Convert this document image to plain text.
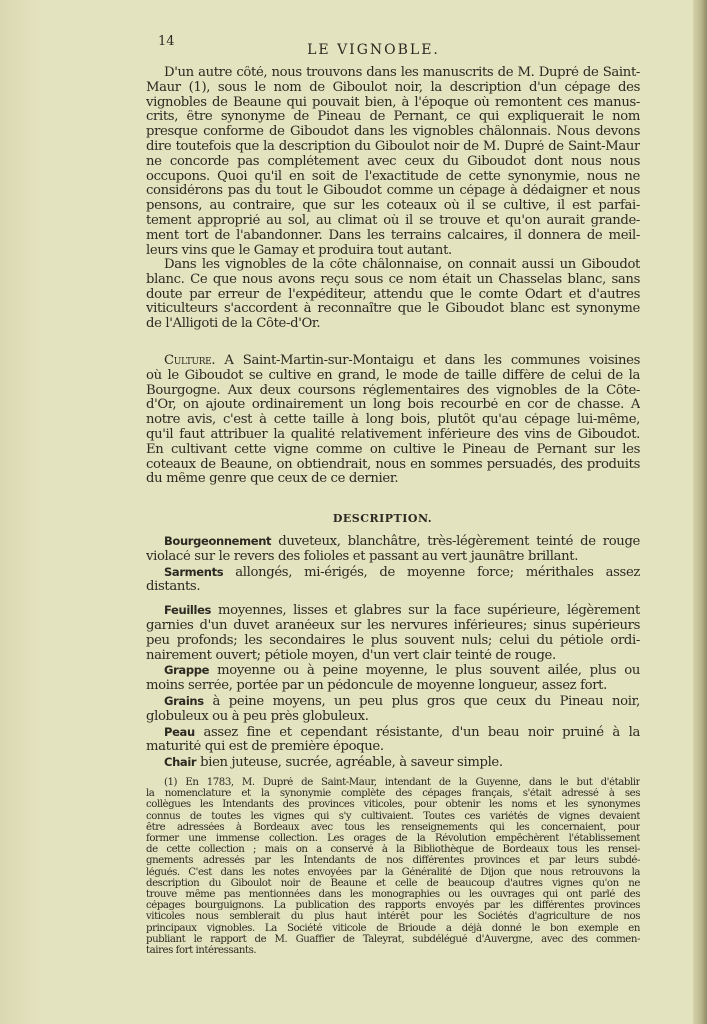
14
LE VIGNOBLE.
D'un autre côté, nous trouvons dans les manuscrits de M. Dupré de Saint-
Maur (1), sous le nom de Giboulot noir, la description d'un cépage des
vignobles de Beaune qui pouvait bien, à l'époque où remontent ces manus-
crits, être synonyme de Pineau de Pernant, ce qui expliquerait le nom
presque conforme de Giboudot dans les vignobles châlonnais. Nous devons
dire toutefois que la description du Giboulot noir de M. Dupré de Saint-Maur
ne concorde pas complétement avec ceux du Giboudot dont nous nous
occupons. Quoi qu'il en soit de l'exactitude de cette synonymie, nous ne
considérons pas du tout le Giboudot comme un cépage à dédaigner et nous
pensons, au contraire, que sur les coteaux où il se cultive, il est parfai-
tement approprié au sol, au climat où il se trouve et qu'on aurait grande-
ment tort de l'abandonner. Dans les terrains calcaires, il donnera de meil-
leurs vins que le Gamay et produira tout autant.
Dans les vignobles de la côte châlonnaise, on connait aussi un Giboudot
blanc. Ce que nous avons reçu sous ce nom était un Chasselas blanc, sans
doute par erreur de l'expéditeur, attendu que le comte Odart et d'autres
viticulteurs s'accordent à reconnaître que le Giboudot blanc est synonyme
de l'Alligoti de la Côte-d'Or.
Culture. A Saint-Martin-sur-Montaigu et dans les communes voisines
où le Giboudot se cultive en grand, le mode de taille diffère de celui de la
Bourgogne. Aux deux coursons réglementaires des vignobles de la Côte-
d'Or, on ajoute ordinairement un long bois recourbé en cor de chasse. A
notre avis, c'est à cette taille à long bois, plutôt qu'au cépage lui-même,
qu'il faut attribuer la qualité relativement inférieure des vins de Giboudot.
En cultivant cette vigne comme on cultive le Pineau de Pernant sur les
coteaux de Beaune, on obtiendrait, nous en sommes persuadés, des produits
du même genre que ceux de ce dernier.
DESCRIPTION.
Bourgeonnement duveteux, blanchâtre, très-légèrement teinté de rouge
violacé sur le revers des folioles et passant au vert jaunâtre brillant.
Sarments allongés, mi-érigés, de moyenne force; mérithales assez
distants.
Feuilles moyennes, lisses et glabres sur la face supérieure, légèrement
garnies d'un duvet aranéeux sur les nervures inférieures; sinus supérieurs
peu profonds; les secondaires le plus souvent nuls; celui du pétiole ordi-
nairement ouvert; pétiole moyen, d'un vert clair teinté de rouge.
Grappe moyenne ou à peine moyenne, le plus souvent ailée, plus ou
moins serrée, portée par un pédoncule de moyenne longueur, assez fort.
Grains à peine moyens, un peu plus gros que ceux du Pineau noir,
globuleux ou à peu près globuleux.
Peau assez fine et cependant résistante, d'un beau noir pruiné à la
maturité qui est de première époque.
Chair bien juteuse, sucrée, agréable, à saveur simple.
(1) En 1783, M. Dupré de Saint-Maur, intendant de la Guyenne, dans le but d'établir
la nomenclature et la synonymie complète des cépages français, s'était adressé à ses
collègues les Intendants des provinces viticoles, pour obtenir les noms et les synonymes
connus de toutes les vignes qui s'y cultivaient. Toutes ces variétés de vignes devaient
être adressées à Bordeaux avec tous les renseignements qui les concernaient, pour
former une immense collection. Les orages de la Révolution empêchèrent l'établissement
de cette collection ; mais on a conservé à la Bibliothèque de Bordeaux tous les rensei-
gnements adressés par les Intendants de nos différentes provinces et par leurs subdé-
légués. C'est dans les notes envoyées par la Généralité de Dijon que nous retrouvons la
description du Giboulot noir de Beaune et celle de beaucoup d'autres vignes qu'on ne
trouve même pas mentionnées dans les monographies ou les ouvrages qui ont parlé des
cépages bourguignons. La publication des rapports envoyés par les différentes provinces
viticoles nous semblerait du plus haut intérêt pour les Sociétés d'agriculture de nos
principaux vignobles. La Société viticole de Brioude a déjà donné le bon exemple en
publiant le rapport de M. Guaffier de Taleyrat, subdélégué d'Auvergne, avec des commen-
taires fort intéressants.
